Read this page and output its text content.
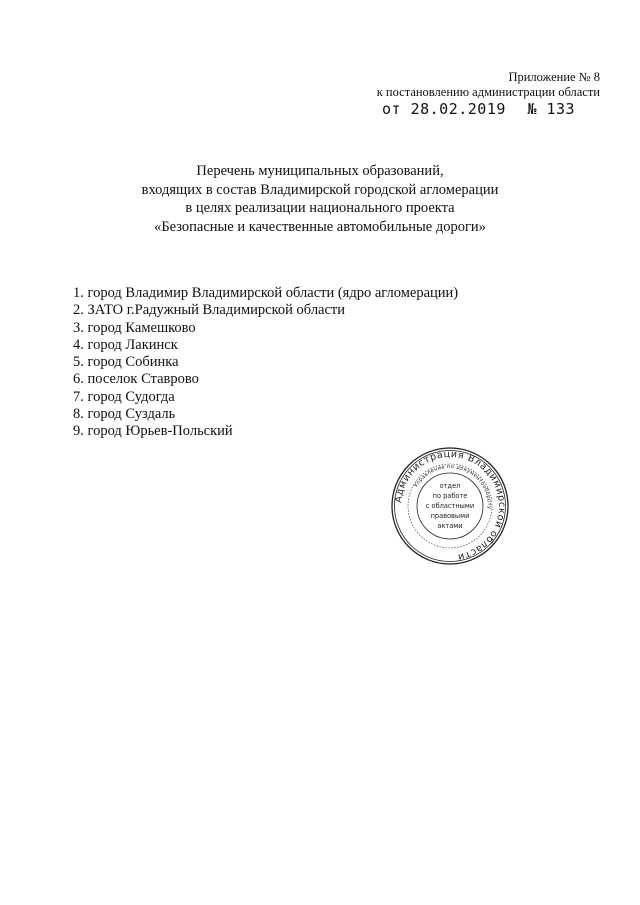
Приложение № 8
к постановлению администрации области
от 28.02.2019 № 133
Перечень муниципальных образований,
входящих в состав Владимирской городской агломерации
в целях реализации национального проекта
«Безопасные и качественные автомобильные дороги»
1. город Владимир Владимирской области (ядро агломерации)
2. ЗАТО г.Радужный Владимирской области
3. город Камешково
4. город Лакинск
5. город Собинка
6. поселок Ставрово
7. город Судогда
8. город Суздаль
9. город Юрьев-Польский
Администрация Владимирской области
Управление по документообороту
отдел
по работе
с областными
правовыми
актами
